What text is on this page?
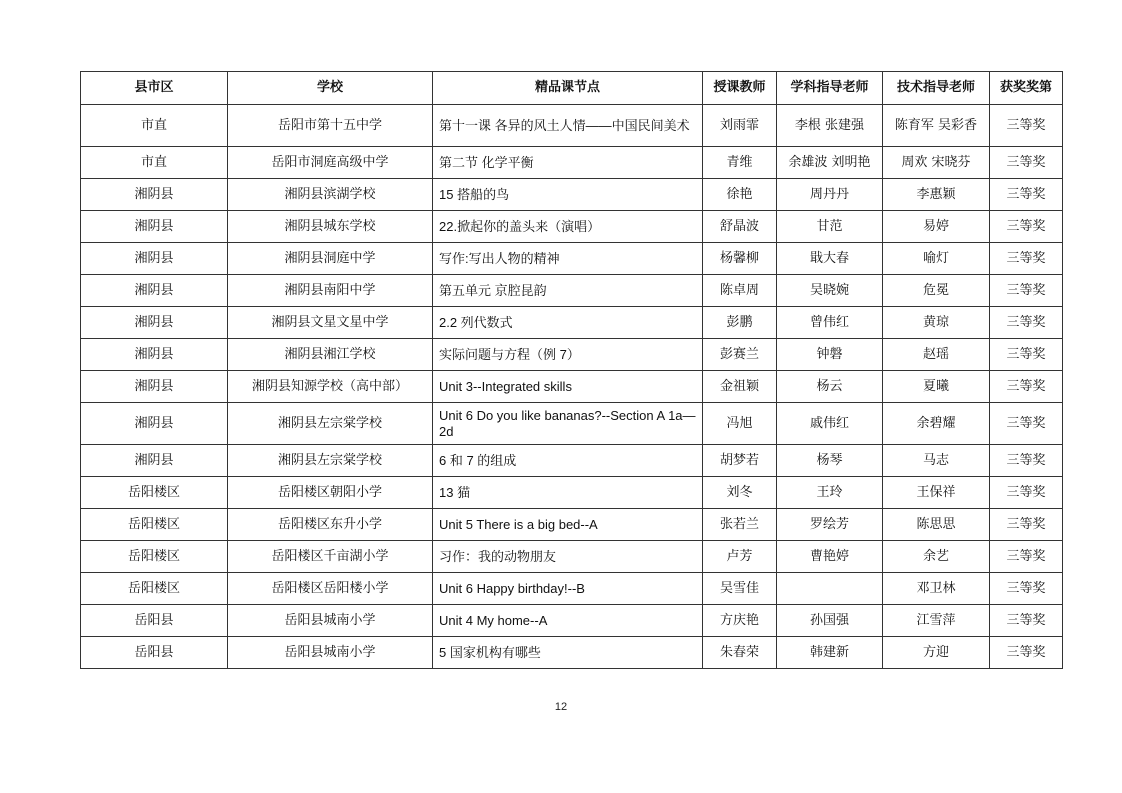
县市区	学校	精品课节点	授课教师	学科指导老师	技术指导老师	获奖奖第
市直	岳阳市第十五中学	第十一课 各异的风土人情——中国民间美术	刘雨霏	李根 张建强	陈育军 吴彩香	三等奖
市直	岳阳市洞庭高级中学	第二节 化学平衡	青维	余雄波 刘明艳	周欢 宋晓芬	三等奖
湘阴县	湘阴县滨湖学校	15 搭船的鸟	徐艳	周丹丹	李惠颖	三等奖
湘阴县	湘阴县城东学校	22.掀起你的盖头来（演唱）	舒晶波	甘范	易婷	三等奖
湘阴县	湘阴县洞庭中学	写作:写出人物的精神	杨馨柳	戢大春	喻灯	三等奖
湘阴县	湘阴县南阳中学	第五单元 京腔昆韵	陈卓周	吴晓婉	危冕	三等奖
湘阴县	湘阴县文星文星中学	2.2 列代数式	彭鹏	曾伟红	黄琼	三等奖
湘阴县	湘阴县湘江学校	实际问题与方程（例 7）	彭赛兰	钟磐	赵瑶	三等奖
湘阴县	湘阴县知源学校（高中部）	Unit 3--Integrated skills	金祖颖	杨云	夏曦	三等奖
湘阴县	湘阴县左宗棠学校	Unit 6 Do you like bananas?--Section A 1a—2d	冯旭	戚伟红	余碧耀	三等奖
湘阴县	湘阴县左宗棠学校	6 和 7 的组成	胡梦若	杨琴	马志	三等奖
岳阳楼区	岳阳楼区朝阳小学	13 猫	刘冬	王玲	王保祥	三等奖
岳阳楼区	岳阳楼区东升小学	Unit 5 There is a big bed--A	张若兰	罗绘芳	陈思思	三等奖
岳阳楼区	岳阳楼区千亩湖小学	习作：我的动物朋友	卢芳	曹艳婷	余艺	三等奖
岳阳楼区	岳阳楼区岳阳楼小学	Unit 6 Happy birthday!--B	吴雪佳		邓卫林	三等奖
岳阳县	岳阳县城南小学	Unit 4 My home--A	方庆艳	孙国强	江雪萍	三等奖
岳阳县	岳阳县城南小学	5 国家机构有哪些	朱春荣	韩建新	方迎	三等奖
12
